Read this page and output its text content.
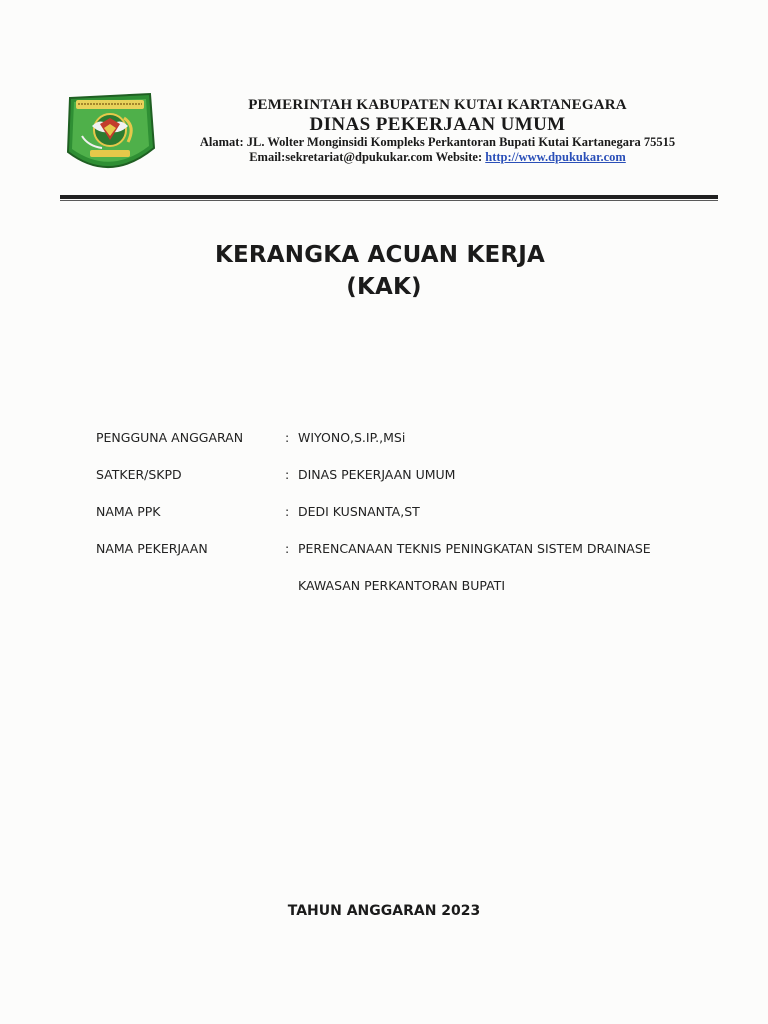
PEMERINTAH KABUPATEN KUTAI KARTANEGARA
DINAS PEKERJAAN UMUM
Alamat: JL. Wolter Monginsidi Kompleks Perkantoran Bupati Kutai Kartanegara 75515
Email:sekretariat@dpukukar.com Website: http://www.dpukukar.com
KERANGKA ACUAN KERJA
(KAK)
PENGGUNA ANGGARAN	: WIYONO,S.IP.,MSi
SATKER/SKPD	: DINAS PEKERJAAN UMUM
NAMA PPK	: DEDI KUSNANTA,ST
NAMA PEKERJAAN	: PERENCANAAN TEKNIS PENINGKATAN SISTEM DRAINASE
KAWASAN PERKANTORAN BUPATI
TAHUN ANGGARAN 2023
